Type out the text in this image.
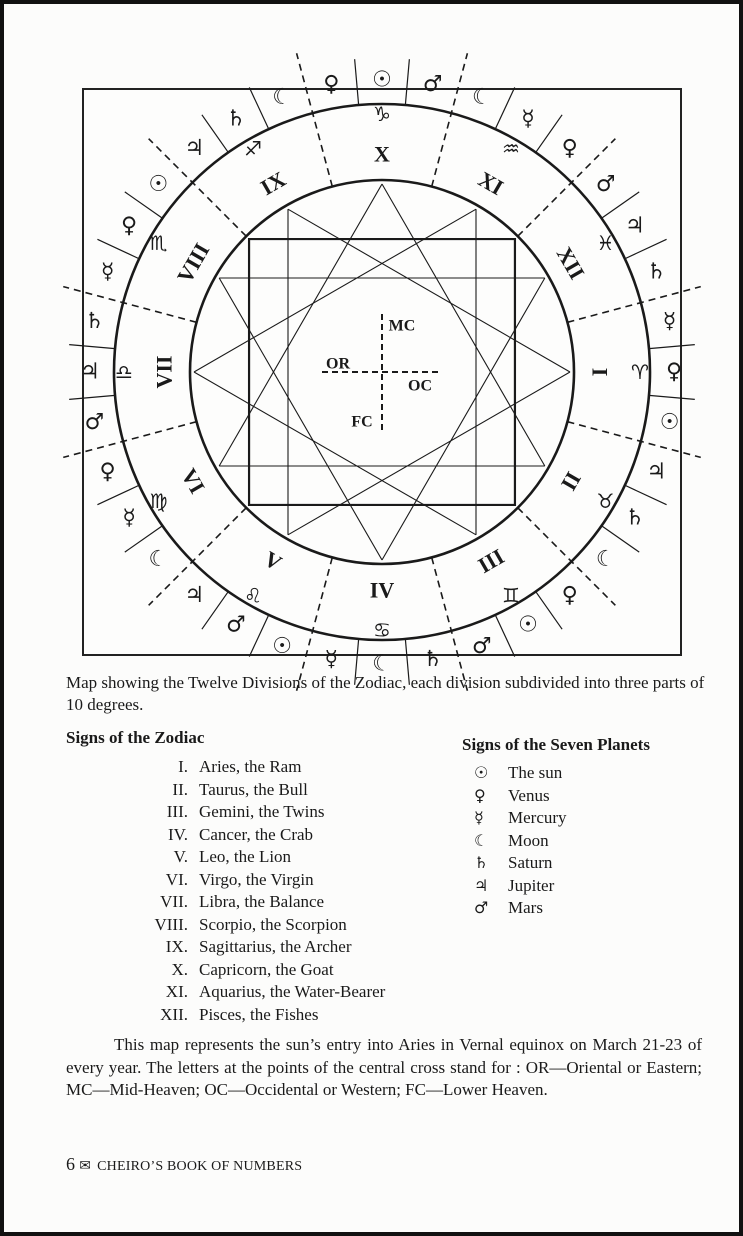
MC
OR
OC
FC
X
♑
IX
♐
VIII
♏
VII
♎
VI
♍
V
♌	IV
♋
III
♊
II
♉
I ♈
XII ♓
XI
♒
♀ ☉ ♂
♃
♄
☾
☿
♀
☉
♂
♃
♄
☾
☿
♀
☉
♂
♃
♄
☾
☿
♀
☉
♂
♃
♄
☾
☿
♀
☉
♂
♃
♄
☾
☿
♀
Map showing the Twelve Divisions of the Zodiac, each division subdivided into three parts of 10 degrees.
Signs of the Zodiac	Signs of the Seven Planets
I. Aries, the Ram
II. Taurus, the Bull
III. Gemini, the Twins
IV. Cancer, the Crab
V. Leo, the Lion
VI. Virgo, the Virgin
VII. Libra, the Balance
VIII. Scorpio, the Scorpion
IX. Sagittarius, the Archer
X. Capricorn, the Goat
XI. Aquarius, the Water-Bearer
XII. Pisces, the Fishes
☉ The sun
♀ Venus
☿ Mercury
☾ Moon
♄ Saturn
♃ Jupiter
♂ Mars
This map represents the sun’s entry into Aries in Vernal equinox on March 21-23 of every year. The letters at the points of the central cross stand for : OR—Oriental or Eastern; MC—Mid-Heaven; OC—Occidental or Western; FC—Lower Heaven.
6 ✉ CHEIRO’S BOOK OF NUMBERS
